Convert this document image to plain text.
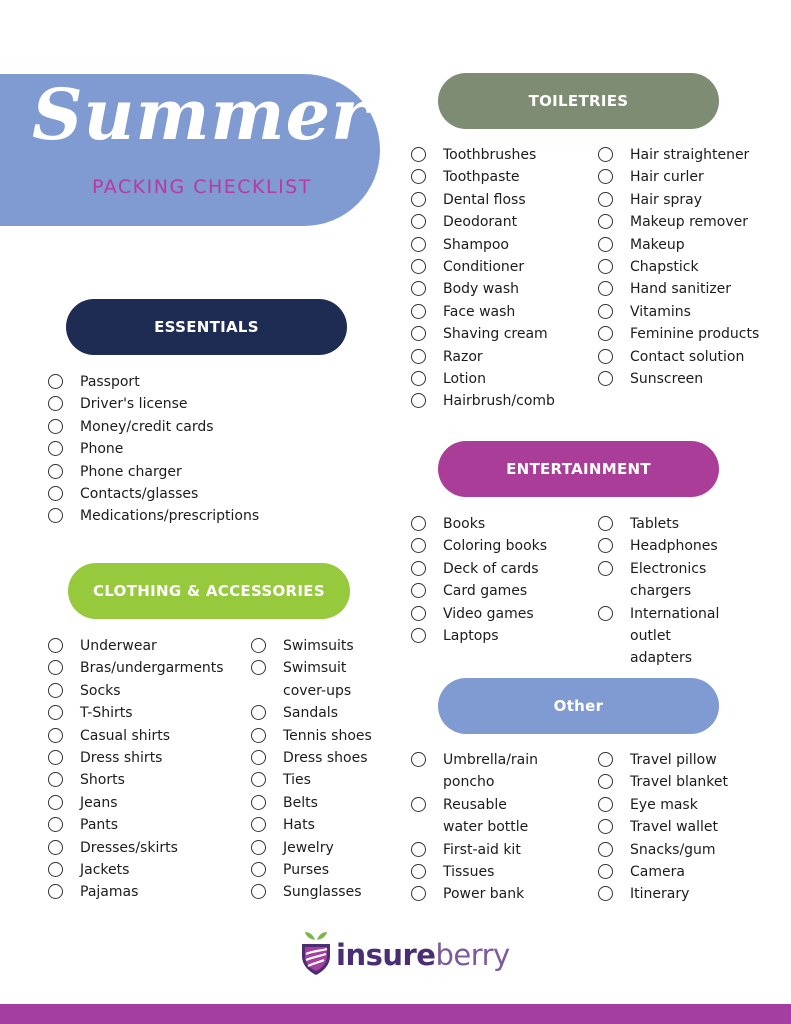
Summer
PACKING CHECKLIST
ESSENTIALS
Passport
Driver's license
Money/credit cards
Phone
Phone charger
Contacts/glasses
Medications/prescriptions
CLOTHING & ACCESSORIES
Underwear
Bras/undergarments
Socks
T-Shirts
Casual shirts
Dress shirts
Shorts
Jeans
Pants
Dresses/skirts
Jackets
Pajamas
Swimsuits
Swimsuit cover-ups
Sandals
Tennis shoes
Dress shoes
Ties
Belts
Hats
Jewelry
Purses
Sunglasses
TOILETRIES
Toothbrushes
Toothpaste
Dental floss
Deodorant
Shampoo
Conditioner
Body wash
Face wash
Shaving cream
Razor
Lotion
Hairbrush/comb
Hair straightener
Hair curler
Hair spray
Makeup remover
Makeup
Chapstick
Hand sanitizer
Vitamins
Feminine products
Contact solution
Sunscreen
ENTERTAINMENT
Books
Coloring books
Deck of cards
Card games
Video games
Laptops
Tablets
Headphones
Electronics chargers
International outlet adapters
Other
Umbrella/rain poncho
Reusable water bottle
First-aid kit
Tissues
Power bank
Travel pillow
Travel blanket
Eye mask
Travel wallet
Snacks/gum
Camera
Itinerary
insureberry
